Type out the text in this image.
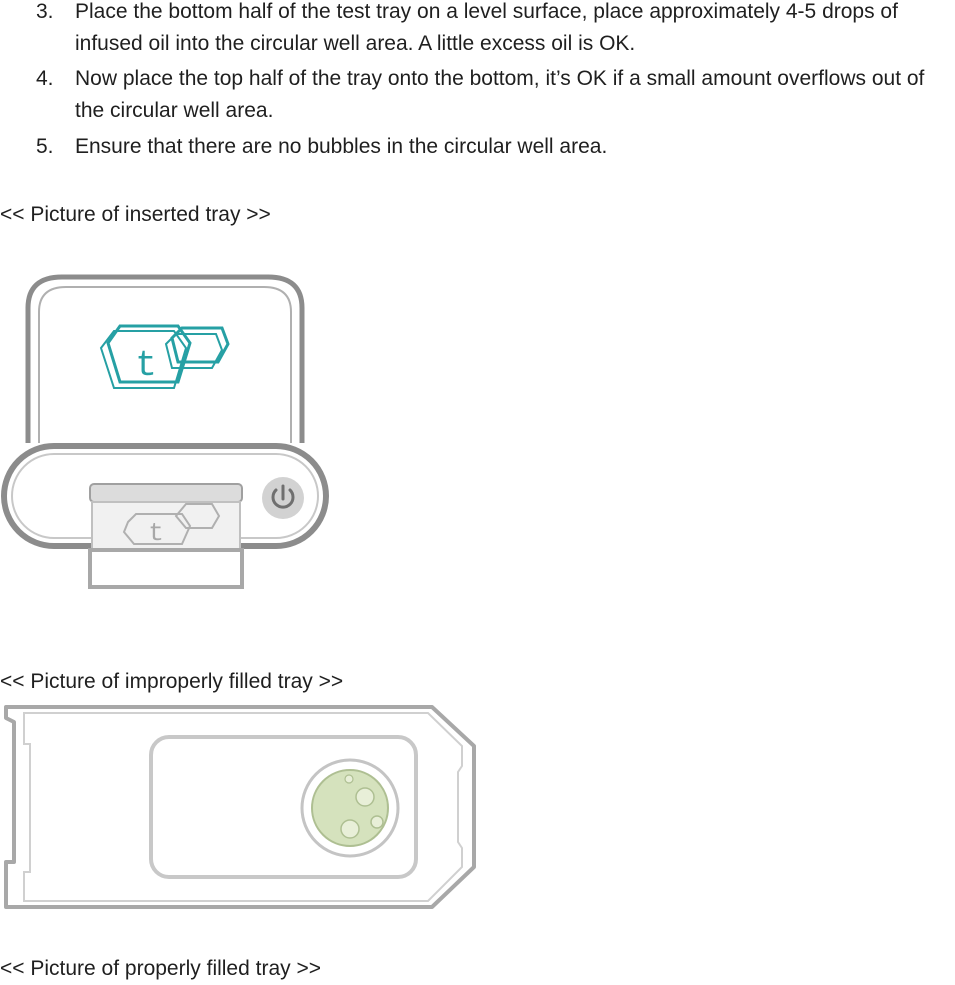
3. Place the bottom half of the test tray on a level surface, place approximately 4-5 drops of infused oil into the circular well area. A little excess oil is OK.
4. Now place the top half of the tray onto the bottom, it’s OK if a small amount overflows out of the circular well area.
5. Ensure that there are no bubbles in the circular well area.
<< Picture of inserted tray >>
t
t
<< Picture of improperly filled tray >>
<< Picture of properly filled tray >>
